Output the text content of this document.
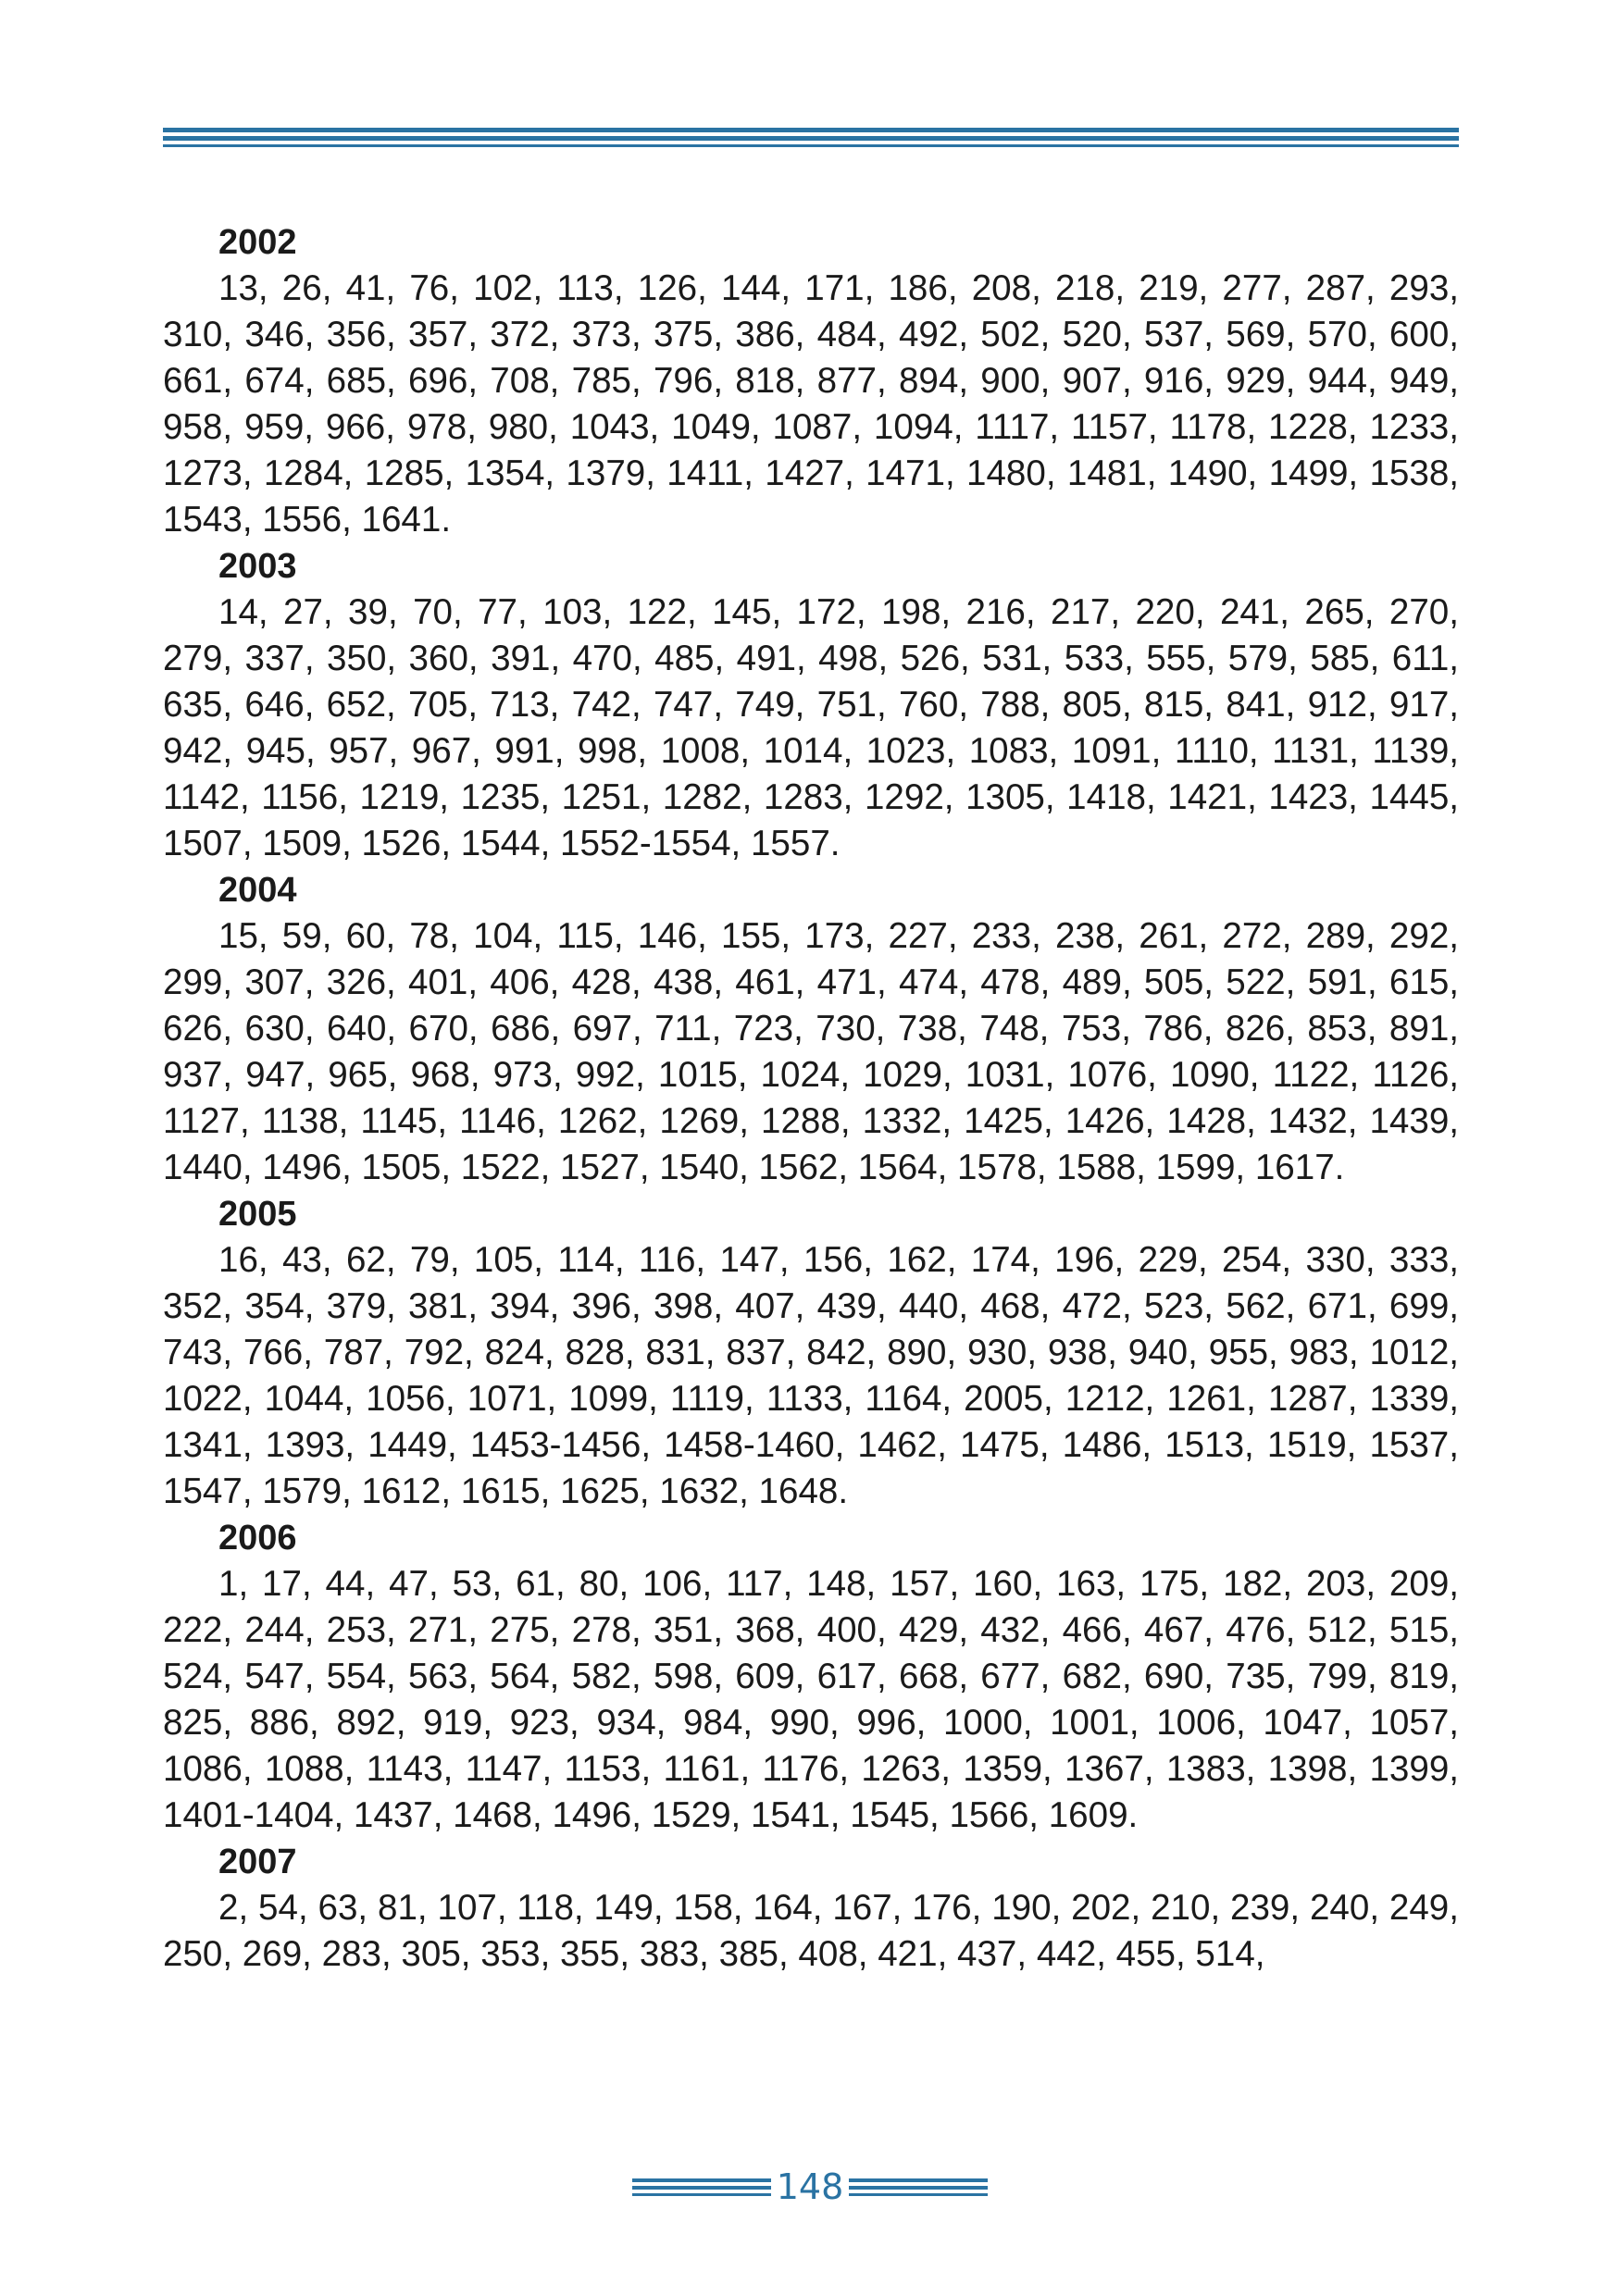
2002
13, 26, 41, 76, 102, 113, 126, 144, 171, 186, 208, 218, 219, 277, 287, 293, 310, 346, 356, 357, 372, 373, 375, 386, 484, 492, 502, 520, 537, 569, 570, 600, 661, 674, 685, 696, 708, 785, 796, 818, 877, 894, 900, 907, 916, 929, 944, 949, 958, 959, 966, 978, 980, 1043, 1049, 1087, 1094, 1117, 1157, 1178, 1228, 1233, 1273, 1284, 1285, 1354, 1379, 1411, 1427, 1471, 1480, 1481, 1490, 1499, 1538, 1543, 1556, 1641.
2003
14, 27, 39, 70, 77, 103, 122, 145, 172, 198, 216, 217, 220, 241, 265, 270, 279, 337, 350, 360, 391, 470, 485, 491, 498, 526, 531, 533, 555, 579, 585, 611, 635, 646, 652, 705, 713, 742, 747, 749, 751, 760, 788, 805, 815, 841, 912, 917, 942, 945, 957, 967, 991, 998, 1008, 1014, 1023, 1083, 1091, 1110, 1131, 1139, 1142, 1156, 1219, 1235, 1251, 1282, 1283, 1292, 1305, 1418, 1421, 1423, 1445, 1507, 1509, 1526, 1544, 1552-1554, 1557.
2004
15, 59, 60, 78, 104, 115, 146, 155, 173, 227, 233, 238, 261, 272, 289, 292, 299, 307, 326, 401, 406, 428, 438, 461, 471, 474, 478, 489, 505, 522, 591, 615, 626, 630, 640, 670, 686, 697, 711, 723, 730, 738, 748, 753, 786, 826, 853, 891, 937, 947, 965, 968, 973, 992, 1015, 1024, 1029, 1031, 1076, 1090, 1122, 1126, 1127, 1138, 1145, 1146, 1262, 1269, 1288, 1332, 1425, 1426, 1428, 1432, 1439, 1440, 1496, 1505, 1522, 1527, 1540, 1562, 1564, 1578, 1588, 1599, 1617.
2005
16, 43, 62, 79, 105, 114, 116, 147, 156, 162, 174, 196, 229, 254, 330, 333, 352, 354, 379, 381, 394, 396, 398, 407, 439, 440, 468, 472, 523, 562, 671, 699, 743, 766, 787, 792, 824, 828, 831, 837, 842, 890, 930, 938, 940, 955, 983, 1012, 1022, 1044, 1056, 1071, 1099, 1119, 1133, 1164, 2005, 1212, 1261, 1287, 1339, 1341, 1393, 1449, 1453-1456, 1458-1460, 1462, 1475, 1486, 1513, 1519, 1537, 1547, 1579, 1612, 1615, 1625, 1632, 1648.
2006
1, 17, 44, 47, 53, 61, 80, 106, 117, 148, 157, 160, 163, 175, 182, 203, 209, 222, 244, 253, 271, 275, 278, 351, 368, 400, 429, 432, 466, 467, 476, 512, 515, 524, 547, 554, 563, 564, 582, 598, 609, 617, 668, 677, 682, 690, 735, 799, 819, 825, 886, 892, 919, 923, 934, 984, 990, 996, 1000, 1001, 1006, 1047, 1057, 1086, 1088, 1143, 1147, 1153, 1161, 1176, 1263, 1359, 1367, 1383, 1398, 1399, 1401-1404, 1437, 1468, 1496, 1529, 1541, 1545, 1566, 1609.
2007
2, 54, 63, 81, 107, 118, 149, 158, 164, 167, 176, 190, 202, 210, 239, 240, 249, 250, 269, 283, 305, 353, 355, 383, 385, 408, 421, 437, 442, 455, 514,
148
